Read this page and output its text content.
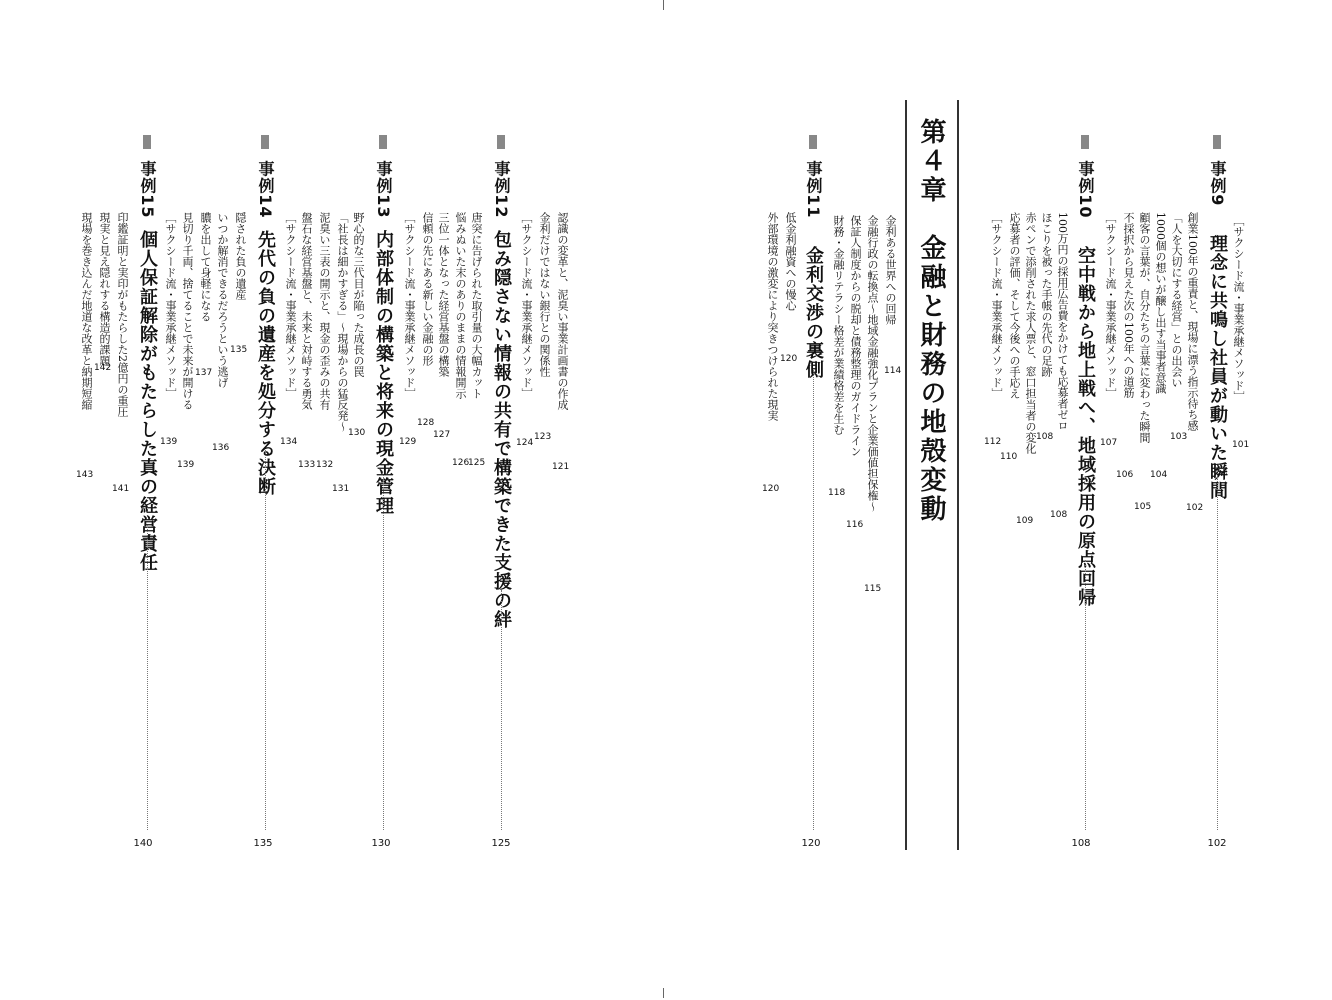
第４章　金融と財務の地殻変動
事例9 理念に共鳴し社員が動いた瞬間
102
［サクシード流・事業承継メソッド］
101
創業100年の重責と、現場に漂う指示待ち感
102
「人を大切にする経営」との出会い
103
1000個の想いが醸し出す当事者意識
104
顧客の言葉が、自分たちの言葉に変わった瞬間
105
不採択から見えた次の100年への道筋
106
［サクシード流・事業承継メソッド］
107
事例10 空中戦から地上戦へ、地域採用の原点回帰
108
100万円の採用広告費をかけても応募者ゼロ
108
ほこりを被った手帳の先代の足跡
108
赤ペンで添削された求人票と、窓口担当者の変化
109
応募者の評価、そして今後への手応え
110
［サクシード流・事業承継メソッド］
112
金利ある世界への回帰
114
金融行政の転換点〜地域金融強化プランと企業価値担保権〜
115
保証人制度からの脱却と債務整理のガイドライン
116
財務・金融リテラシー格差が業績格差を生む
118
事例11 金利交渉の裏側
120
低金利融資への慢心
120
外部環境の激変により突きつけられた現実
120
事例12 包み隠さない情報の共有で構築できた支援の絆
125
認識の変革と、泥臭い事業計画書の作成
121
金利だけではない銀行との関係性
123
［サクシード流・事業承継メソッド］
124
唐突に告げられた取引量の大幅カット
125
悩みぬいた末のありのままの情報開示
126
三位一体となった経営基盤の構築
127
信頼の先にある新しい金融の形
128
［サクシード流・事業承継メソッド］
129
事例13 内部体制の構築と将来の現金管理
130
野心的な三代目が陥った成長の罠
130
「社長は細かすぎる」〜現場からの猛反発〜
131
泥臭い三表の開示と、現金の歪みの共有
132
盤石な経営基盤と、未来と対峙する勇気
133
［サクシード流・事業承継メソッド］
134
事例14 先代の負の遺産を処分する決断
135
隠された負の遺産
135
いつか解消できるだろうという逃げ
136
膿を出して身軽になる
137
見切り千両、捨てることで未来が開ける
139
［サクシード流・事業承継メソッド］
139
事例15 個人保証解除がもたらした真の経営責任
140
印鑑証明と実印がもたらした2億円の重圧
141
現実と見え隠れする構造的課題
142
現場を巻き込んだ地道な改革と納期短縮
143
